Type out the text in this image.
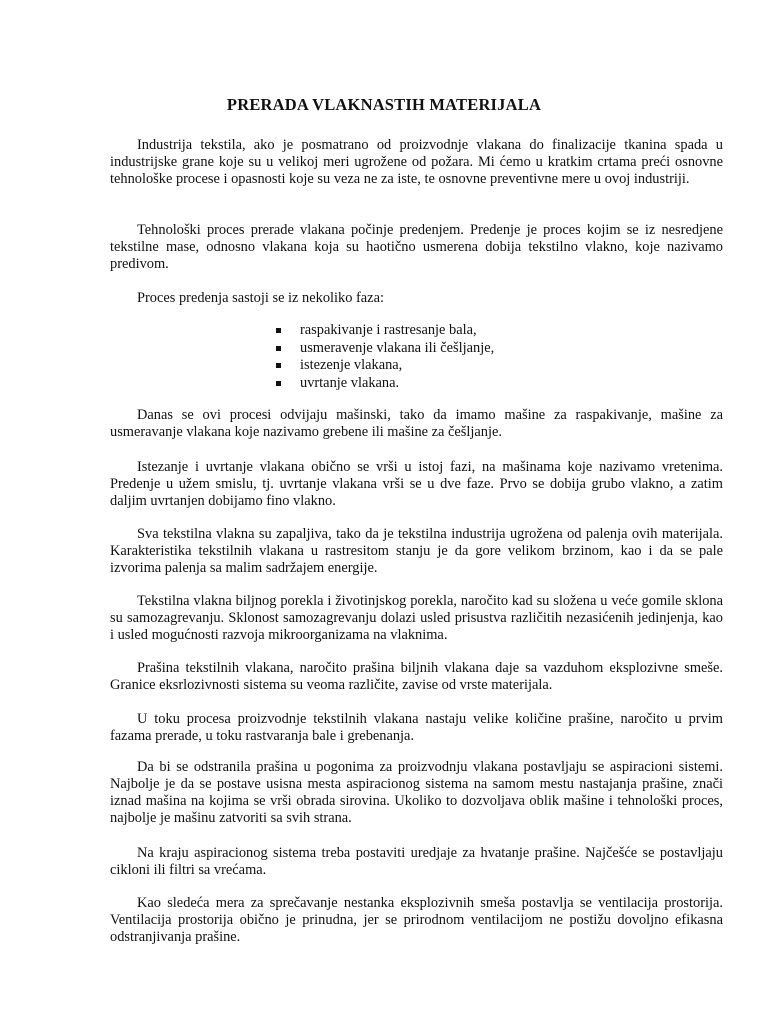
PRERADA VLAKNASTIH MATERIJALA

Industrija tekstila, ako je posmatrano od proizvodnje vlakana do finalizacije tkanina spada u industrijske grane koje su u velikoj meri ugrožene od požara. Mi ćemo u kratkim crtama preći osnovne tehnološke procese i opasnosti koje su veza ne za iste, te osnovne preventivne mere u ovoj industriji.

Tehnološki proces prerade vlakana počinje predenjem. Predenje je proces kojim se iz nesredjene tekstilne mase, odnosno vlakana koja su haotično usmerena dobija tekstilno vlakno, koje nazivamo predivom.

Proces predenja sastoji se iz nekoliko faza:

raspakivanje i rastresanje bala,
usmeravenje vlakana ili češljanje,
istezenje vlakana,
uvrtanje vlakana.

Danas se ovi procesi odvijaju mašinski, tako da imamo mašine za raspakivanje, mašine za usmeravanje vlakana koje nazivamo grebene ili mašine za češljanje.

Istezanje i uvrtanje vlakana obično se vrši u istoj fazi, na mašinama koje nazivamo vretenima. Predenje u užem smislu, tj. uvrtanje vlakana vrši se u dve faze. Prvo se dobija grubo vlakno, a zatim daljim uvrtanjen dobijamo fino vlakno.

Sva tekstilna vlakna su zapaljiva, tako da je tekstilna industrija ugrožena od palenja ovih materijala. Karakteristika tekstilnih vlakana u rastresitom stanju je da gore velikom brzinom, kao i da se pale izvorima palenja sa malim sadržajem energije.

Tekstilna vlakna biljnog porekla i životinjskog porekla, naročito kad su složena u veće gomile sklona su samozagrevanju. Sklonost samozagrevanju dolazi usled prisustva različitih nezasićenih jedinjenja, kao i usled mogućnosti razvoja mikroorganizama na vlaknima.

Prašina tekstilnih vlakana, naročito prašina biljnih vlakana daje sa vazduhom eksplozivne smeše. Granice eksrlozivnosti sistema su veoma različite, zavise od vrste materijala.

U toku procesa proizvodnje tekstilnih vlakana nastaju velike količine prašine, naročito u prvim fazama prerade, u toku rastvaranja bale i grebenanja.

Da bi se odstranila prašina u pogonima za proizvodnju vlakana postavljaju se aspiracioni sistemi. Najbolje je da se postave usisna mesta aspiracionog sistema na samom mestu nastajanja prašine, znači iznad mašina na kojima se vrši obrada sirovina. Ukoliko to dozvoljava oblik mašine i tehnološki proces, najbolje je mašinu zatvoriti sa svih strana.

Na kraju aspiracionog sistema treba postaviti uredjaje za hvatanje prašine. Najčešće se postavljaju cikloni ili filtri sa vrećama.

Kao sledeća mera za sprečavanje nestanka eksplozivnih smeša postavlja se ventilacija prostorija. Ventilacija prostorija obično je prinudna, jer se prirodnom ventilacijom ne postižu dovoljno efikasna odstranjivanja prašine.
